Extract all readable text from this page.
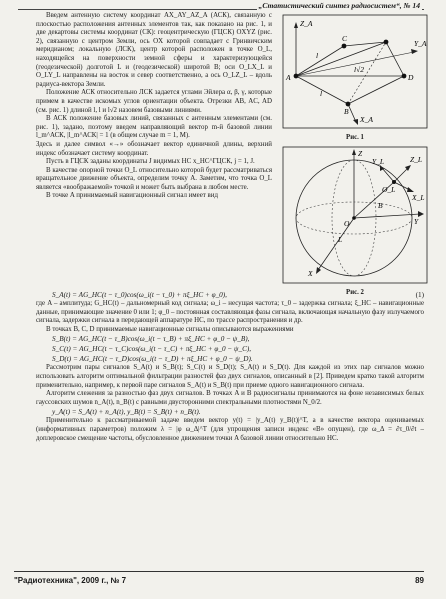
„Статистический синтез радиосистем“, № 14

Введем антенную систему координат AX_AY_AZ_A (АСК), связанную с плоскостью расположения антенных элементов так, как показано на рис. 1, и две декартовы системы координат (СК): геоцентрическую (ГЦСК) OXYZ (рис. 2), связанную с центром Земли, ось OX которой совпадает с Гринвичским меридианом; локальную (ЛСК), центр которой расположен в точке O_L, находящейся на поверхности земной сферы и характеризующейся (геодезической) долготой L и (геодезической) широтой B; оси O_LX_L и O_LY_L направлены на восток и север соответственно, а ось O_LZ_L – вдоль радиуса-вектора Земли.

Положение АСК относительно ЛСК задается углами Эйлера α, β, γ, которые примем в качестве искомых углов ориентации объекта. Отрезки AB, AC, AD (см. рис. 1) длиной l, l и l√2 назовем базовыми линиями.

В АСК положение базовых линий, связанных с антенным элементами (см. рис. 1), задано, поэтому введем направляющий вектор m-й базовой линии l_m^АСК, |l_m^АСК| = 1 (в общем случае m = 1, M).

Здесь и далее символ «→» обозначает вектор единичной длины, верхний индекс обозначает систему координат.

Пусть в ГЦСК заданы координаты J видимых НС x_НС^ГЦСК, j = 1, J.

В качестве опорной точки O_L относительно которой будет рассматриваться вращательное движение объекта, определим точку A. Заметим, что точка O_L является «воображаемой» точкой и может быть выбрана в любом месте.

В точке A принимаемый навигационный сигнал имеет вид

Z_A
A
B
C
D
Y_A
X_A
l
l
l√2
Рис. 1
Z
Z_L
Y_L
X_L
O_L
L
B
O	Y
X
Рис. 2
S_A(t) = AG_НС(t − τ_0)cos(ω_i(t − τ_0) + πξ_НС + φ_0),	(1)

где A – амплитуда; G_НС(t) – дальномерный код сигнала; ω_i – несущая частота; τ_0 – задержка сигнала; ξ_НС – навигационные данные, принимающие значение 0 или 1; φ_0 – постоянная составляющая фазы сигнала, включающая начальную фазу излучаемого сигнала, задержки сигнала в передающей аппаратуре НС, по трассе распространения и др.

В точках B, C, D принимаемые навигационные сигналы описываются выражениями

S_B(t) = AG_НС(t − τ_B)cos(ω_i(t − τ_B) + πξ_НС + φ_0 − ψ_B),
S_C(t) = AG_НС(t − τ_C)cos(ω_i(t − τ_C) + πξ_НС + φ_0 − ψ_C),
S_D(t) = AG_НС(t − τ_D)cos(ω_i(t − τ_D) + πξ_НС + φ_0 − ψ_D).

Рассмотрим пары сигналов S_A(t) и S_B(t); S_C(t) и S_D(t); S_A(t) и S_D(t). Для каждой из этих пар сигналов можно использовать алгоритм оптимальной фильтрации разностей фаз двух сигналов, описанный в [2]. Приведем кратко такой алгоритм применительно, например, к первой паре сигналов S_A(t) и S_B(t) при приеме одного навигационного сигнала.

Алгоритм слежения за разностью фаз двух сигналов. В точках A и B радиосигналы принимаются на фоне независимых белых гауссовских шумов n_A(t), n_B(t) с равными двусторонними спектральными плотностями N_0/2.

y_A(t) = S_A(t) + n_A(t), y_B(t) = S_B(t) + n_B(t).

Применительно к рассматриваемой задаче введем вектор y(t) = |y_A(t) y_B(t)|^T, а в качестве вектора оцениваемых (информативных параметров) положим λ = |φ ω_Δ|^T (для упрощения записи индекс «В» опущен), где ω_Δ = ∂τ_0/∂t – доплеровское смещение частоты, обусловленное движением точки A базовой линии относительно НС.

"Радиотехника", 2009 г., № 7	89
